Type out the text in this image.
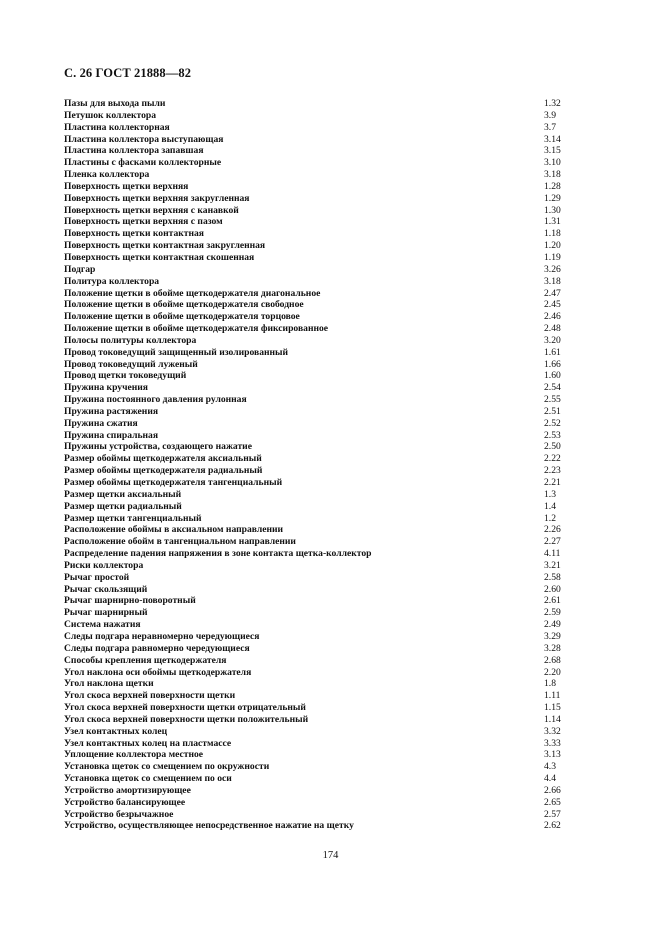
С. 26 ГОСТ 21888—82
Пазы для выхода пыли	1.32
Петушок коллектора	3.9
Пластина коллекторная	3.7
Пластина коллектора выступающая	3.14
Пластина коллектора запавшая	3.15
Пластины с фасками коллекторные	3.10
Пленка коллектора	3.18
Поверхность щетки верхняя	1.28
Поверхность щетки верхняя закругленная	1.29
Поверхность щетки верхняя с канавкой	1.30
Поверхность щетки верхняя с пазом	1.31
Поверхность щетки контактная	1.18
Поверхность щетки контактная закругленная	1.20
Поверхность щетки контактная скошенная	1.19
Подгар	3.26
Политура коллектора	3.18
Положение щетки в обойме щеткодержателя диагональное	2.47
Положение щетки в обойме щеткодержателя свободное	2.45
Положение щетки в обойме щеткодержателя торцовое	2.46
Положение щетки в обойме щеткодержателя фиксированное	2.48
Полосы политуры коллектора	3.20
Провод токоведущий защищенный изолированный	1.61
Провод токоведущий луженый	1.66
Провод щетки токоведущий	1.60
Пружина кручения	2.54
Пружина постоянного давления рулонная	2.55
Пружина растяжения	2.51
Пружина сжатия	2.52
Пружина спиральная	2.53
Пружины устройства, создающего нажатие	2.50
Размер обоймы щеткодержателя аксиальный	2.22
Размер обоймы щеткодержателя радиальный	2.23
Размер обоймы щеткодержателя тангенциальный	2.21
Размер щетки аксиальный	1.3
Размер щетки радиальный	1.4
Размер щетки тангенциальный	1.2
Расположение обоймы в аксиальном направлении	2.26
Расположение обойм в тангенциальном направлении	2.27
Распределение падения напряжения в зоне контакта щетка-коллектор	4.11
Риски коллектора	3.21
Рычаг простой	2.58
Рычаг скользящий	2.60
Рычаг шарнирно-поворотный	2.61
Рычаг шарнирный	2.59
Система нажатия	2.49
Следы подгара неравномерно чередующиеся	3.29
Следы подгара равномерно чередующиеся	3.28
Способы крепления щеткодержателя	2.68
Угол наклона оси обоймы щеткодержателя	2.20
Угол наклона щетки	1.8
Угол скоса верхней поверхности щетки	1.11
Угол скоса верхней поверхности щетки отрицательный	1.15
Угол скоса верхней поверхности щетки положительный	1.14
Узел контактных колец	3.32
Узел контактных колец на пластмассе	3.33
Уплощение коллектора местное	3.13
Установка щеток со смещением по окружности	4.3
Установка щеток со смещением по оси	4.4
Устройство амортизирующее	2.66
Устройство балансирующее	2.65
Устройство безрычажное	2.57
Устройство, осуществляющее непосредственное нажатие на щетку	2.62
174
